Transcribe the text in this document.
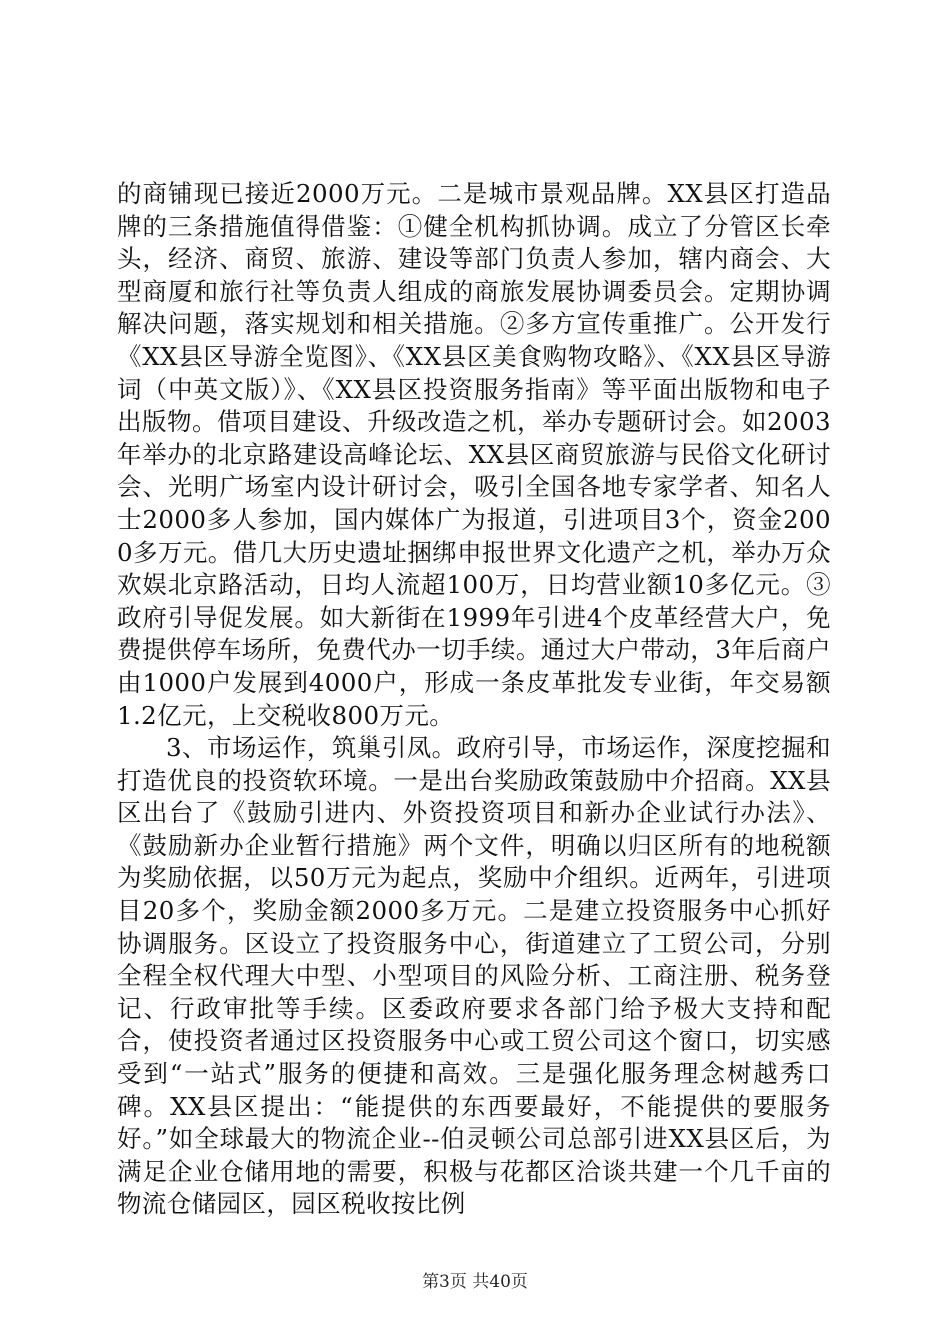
的商铺现已接近2000万元。二是城市景观品牌。XX县区打造品牌的三条措施值得借鉴：①健全机构抓协调。成立了分管区长牵头，经济、商贸、旅游、建设等部门负责人参加，辖内商会、大型商厦和旅行社等负责人组成的商旅发展协调委员会。定期协调解决问题，落实规划和相关措施。②多方宣传重推广。公开发行《XX县区导游全览图》、《XX县区美食购物攻略》、《XX县区导游词（中英文版）》、《XX县区投资服务指南》等平面出版物和电子出版物。借项目建设、升级改造之机，举办专题研讨会。如2003年举办的北京路建设高峰论坛、XX县区商贸旅游与民俗文化研讨会、光明广场室内设计研讨会，吸引全国各地专家学者、知名人士2000多人参加，国内媒体广为报道，引进项目3个，资金2000多万元。借几大历史遗址捆绑申报世界文化遗产之机，举办万众欢娱北京路活动，日均人流超100万，日均营业额10多亿元。③政府引导促发展。如大新街在1999年引进4个皮革经营大户，免费提供停车场所，免费代办一切手续。通过大户带动，3年后商户由1000户发展到4000户，形成一条皮革批发专业街，年交易额1.2亿元，上交税收800万元。

3、市场运作，筑巢引凤。政府引导，市场运作，深度挖掘和打造优良的投资软环境。一是出台奖励政策鼓励中介招商。XX县区出台了《鼓励引进内、外资投资项目和新办企业试行办法》、《鼓励新办企业暂行措施》两个文件，明确以归区所有的地税额为奖励依据，以50万元为起点，奖励中介组织。近两年，引进项目20多个，奖励金额2000多万元。二是建立投资服务中心抓好协调服务。区设立了投资服务中心，街道建立了工贸公司，分别全程全权代理大中型、小型项目的风险分析、工商注册、税务登记、行政审批等手续。区委政府要求各部门给予极大支持和配合，使投资者通过区投资服务中心或工贸公司这个窗口，切实感受到“一站式”服务的便捷和高效。三是强化服务理念树越秀口碑。XX县区提出：“能提供的东西要最好，不能提供的要服务好。”如全球最大的物流企业--伯灵顿公司总部引进XX县区后，为满足企业仓储用地的需要，积极与花都区洽谈共建一个几千亩的物流仓储园区，园区税收按比例

第3页 共40页
